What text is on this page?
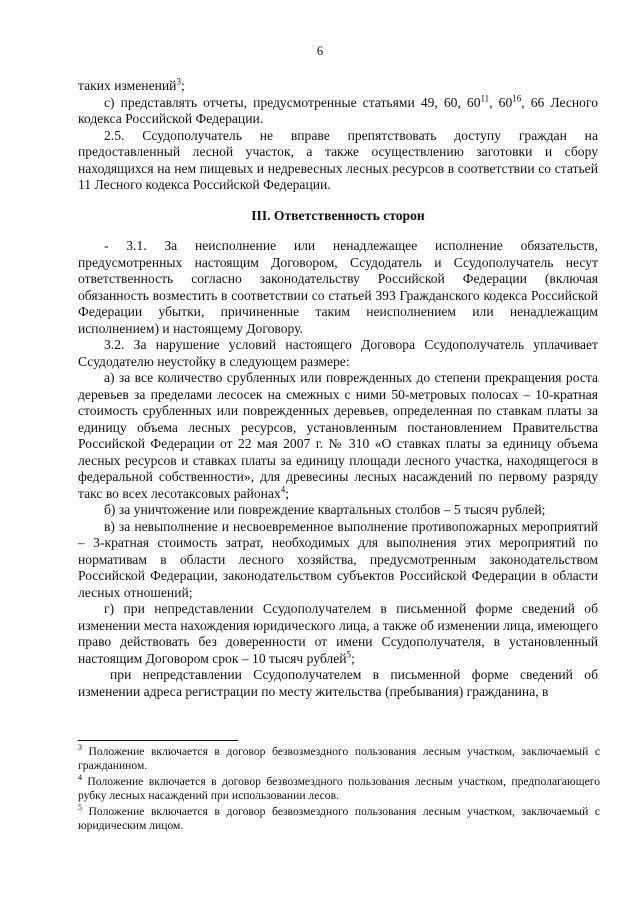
6

таких изменений$^3$;

с) представлять отчеты, предусмотренные статьями 49, 60, $60^{11}$, $60^{16}$, 66 Лесного кодекса Российской Федерации.

2.5. Ссудополучатель не вправе препятствовать доступу граждан на предоставленный лесной участок, а также осуществлению заготовки и сбору находящихся на нем пищевых и недревесных лесных ресурсов в соответствии со статьей 11 Лесного кодекса Российской Федерации.

III. Ответственность сторон

- 3.1. За неисполнение или ненадлежащее исполнение обязательств, предусмотренных настоящим Договором, Ссудодатель и Ссудополучатель несут ответственность согласно законодательству Российской Федерации (включая обязанность возместить в соответствии со статьей 393 Гражданского кодекса Российской Федерации убытки, причиненные таким неисполнением или ненадлежащим исполнением) и настоящему Договору.

3.2. За нарушение условий настоящего Договора Ссудополучатель уплачивает Ссудодателю неустойку в следующем размере:

а) за все количество срубленных или поврежденных до степени прекращения роста деревьев за пределами лесосек на смежных с ними 50-метровых полосах – 10-кратная стоимость срубленных или поврежденных деревьев, определенная по ставкам платы за единицу объема лесных ресурсов, установленным постановлением Правительства Российской Федерации от 22 мая 2007 г. № 310 «О ставках платы за единицу объема лесных ресурсов и ставках платы за единицу площади лесного участка, находящегося в федеральной собственности», для древесины лесных насаждений по первому разряду такс во всех лесотаксовых районах$^4$;

б) за уничтожение или повреждение квартальных столбов – 5 тысяч рублей;

в) за невыполнение и несвоевременное выполнение противопожарных мероприятий – 3-кратная стоимость затрат, необходимых для выполнения этих мероприятий по нормативам в области лесного хозяйства, предусмотренным законодательством Российской Федерации, законодательством субъектов Российской Федерации в области лесных отношений;

г) при непредставлении Ссудополучателем в письменной форме сведений об изменении места нахождения юридического лица, а также об изменении лица, имеющего право действовать без доверенности от имени Ссудополучателя, в установленный настоящим Договором срок – 10 тысяч рублей$^5$;

при непредставлении Ссудополучателем в письменной форме сведений об изменении адреса регистрации по месту жительства (пребывания) гражданина, в

$^3$ Положение включается в договор безвозмездного пользования лесным участком, заключаемый с гражданином.

$^4$ Положение включается в договор безвозмездного пользования лесным участком, предполагающего рубку лесных насаждений при использовании лесов.

$^5$ Положение включается в договор безвозмездного пользования лесным участком, заключаемый с юридическим лицом.
